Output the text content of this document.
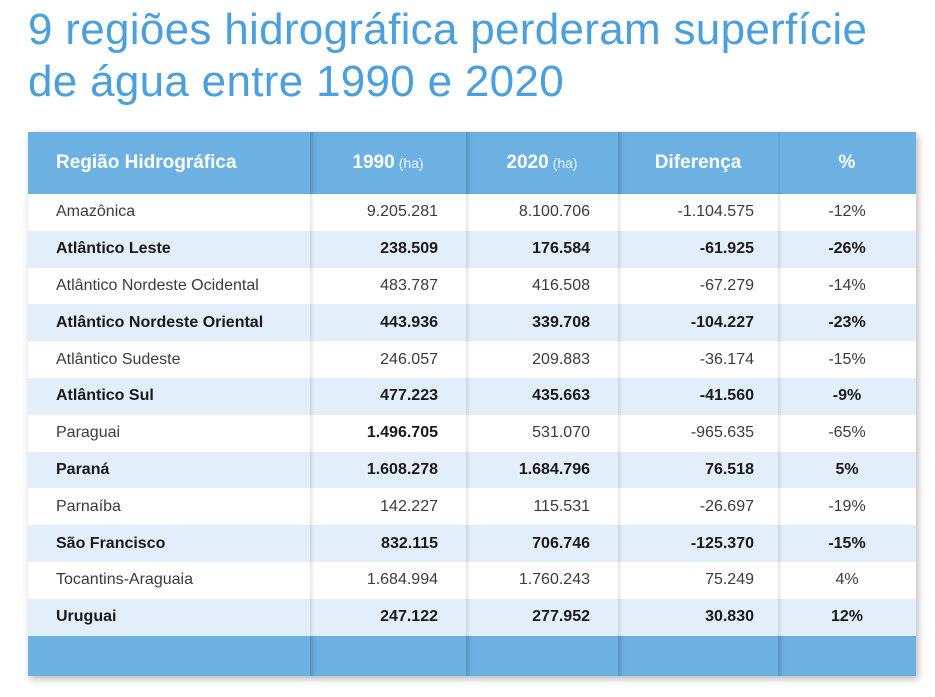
9 regiões hidrográfica perderam superfície de água entre 1990 e 2020
Região Hidrográfica	1990 (ha)	2020 (ha)	Diferença	%
Amazônica	9.205.281	8.100.706	-1.104.575	-12%
Atlântico Leste	238.509	176.584	-61.925	-26%
Atlântico Nordeste Ocidental	483.787	416.508	-67.279	-14%
Atlântico Nordeste Oriental	443.936	339.708	-104.227	-23%
Atlântico Sudeste	246.057	209.883	-36.174	-15%
Atlântico Sul	477.223	435.663	-41.560	-9%
Paraguai	1.496.705	531.070	-965.635	-65%
Paraná	1.608.278	1.684.796	76.518	5%
Parnaíba	142.227	115.531	-26.697	-19%
São Francisco	832.115	706.746	-125.370	-15%
Tocantins-Araguaia	1.684.994	1.760.243	75.249	4%
Uruguai	247.122	277.952	30.830	12%
